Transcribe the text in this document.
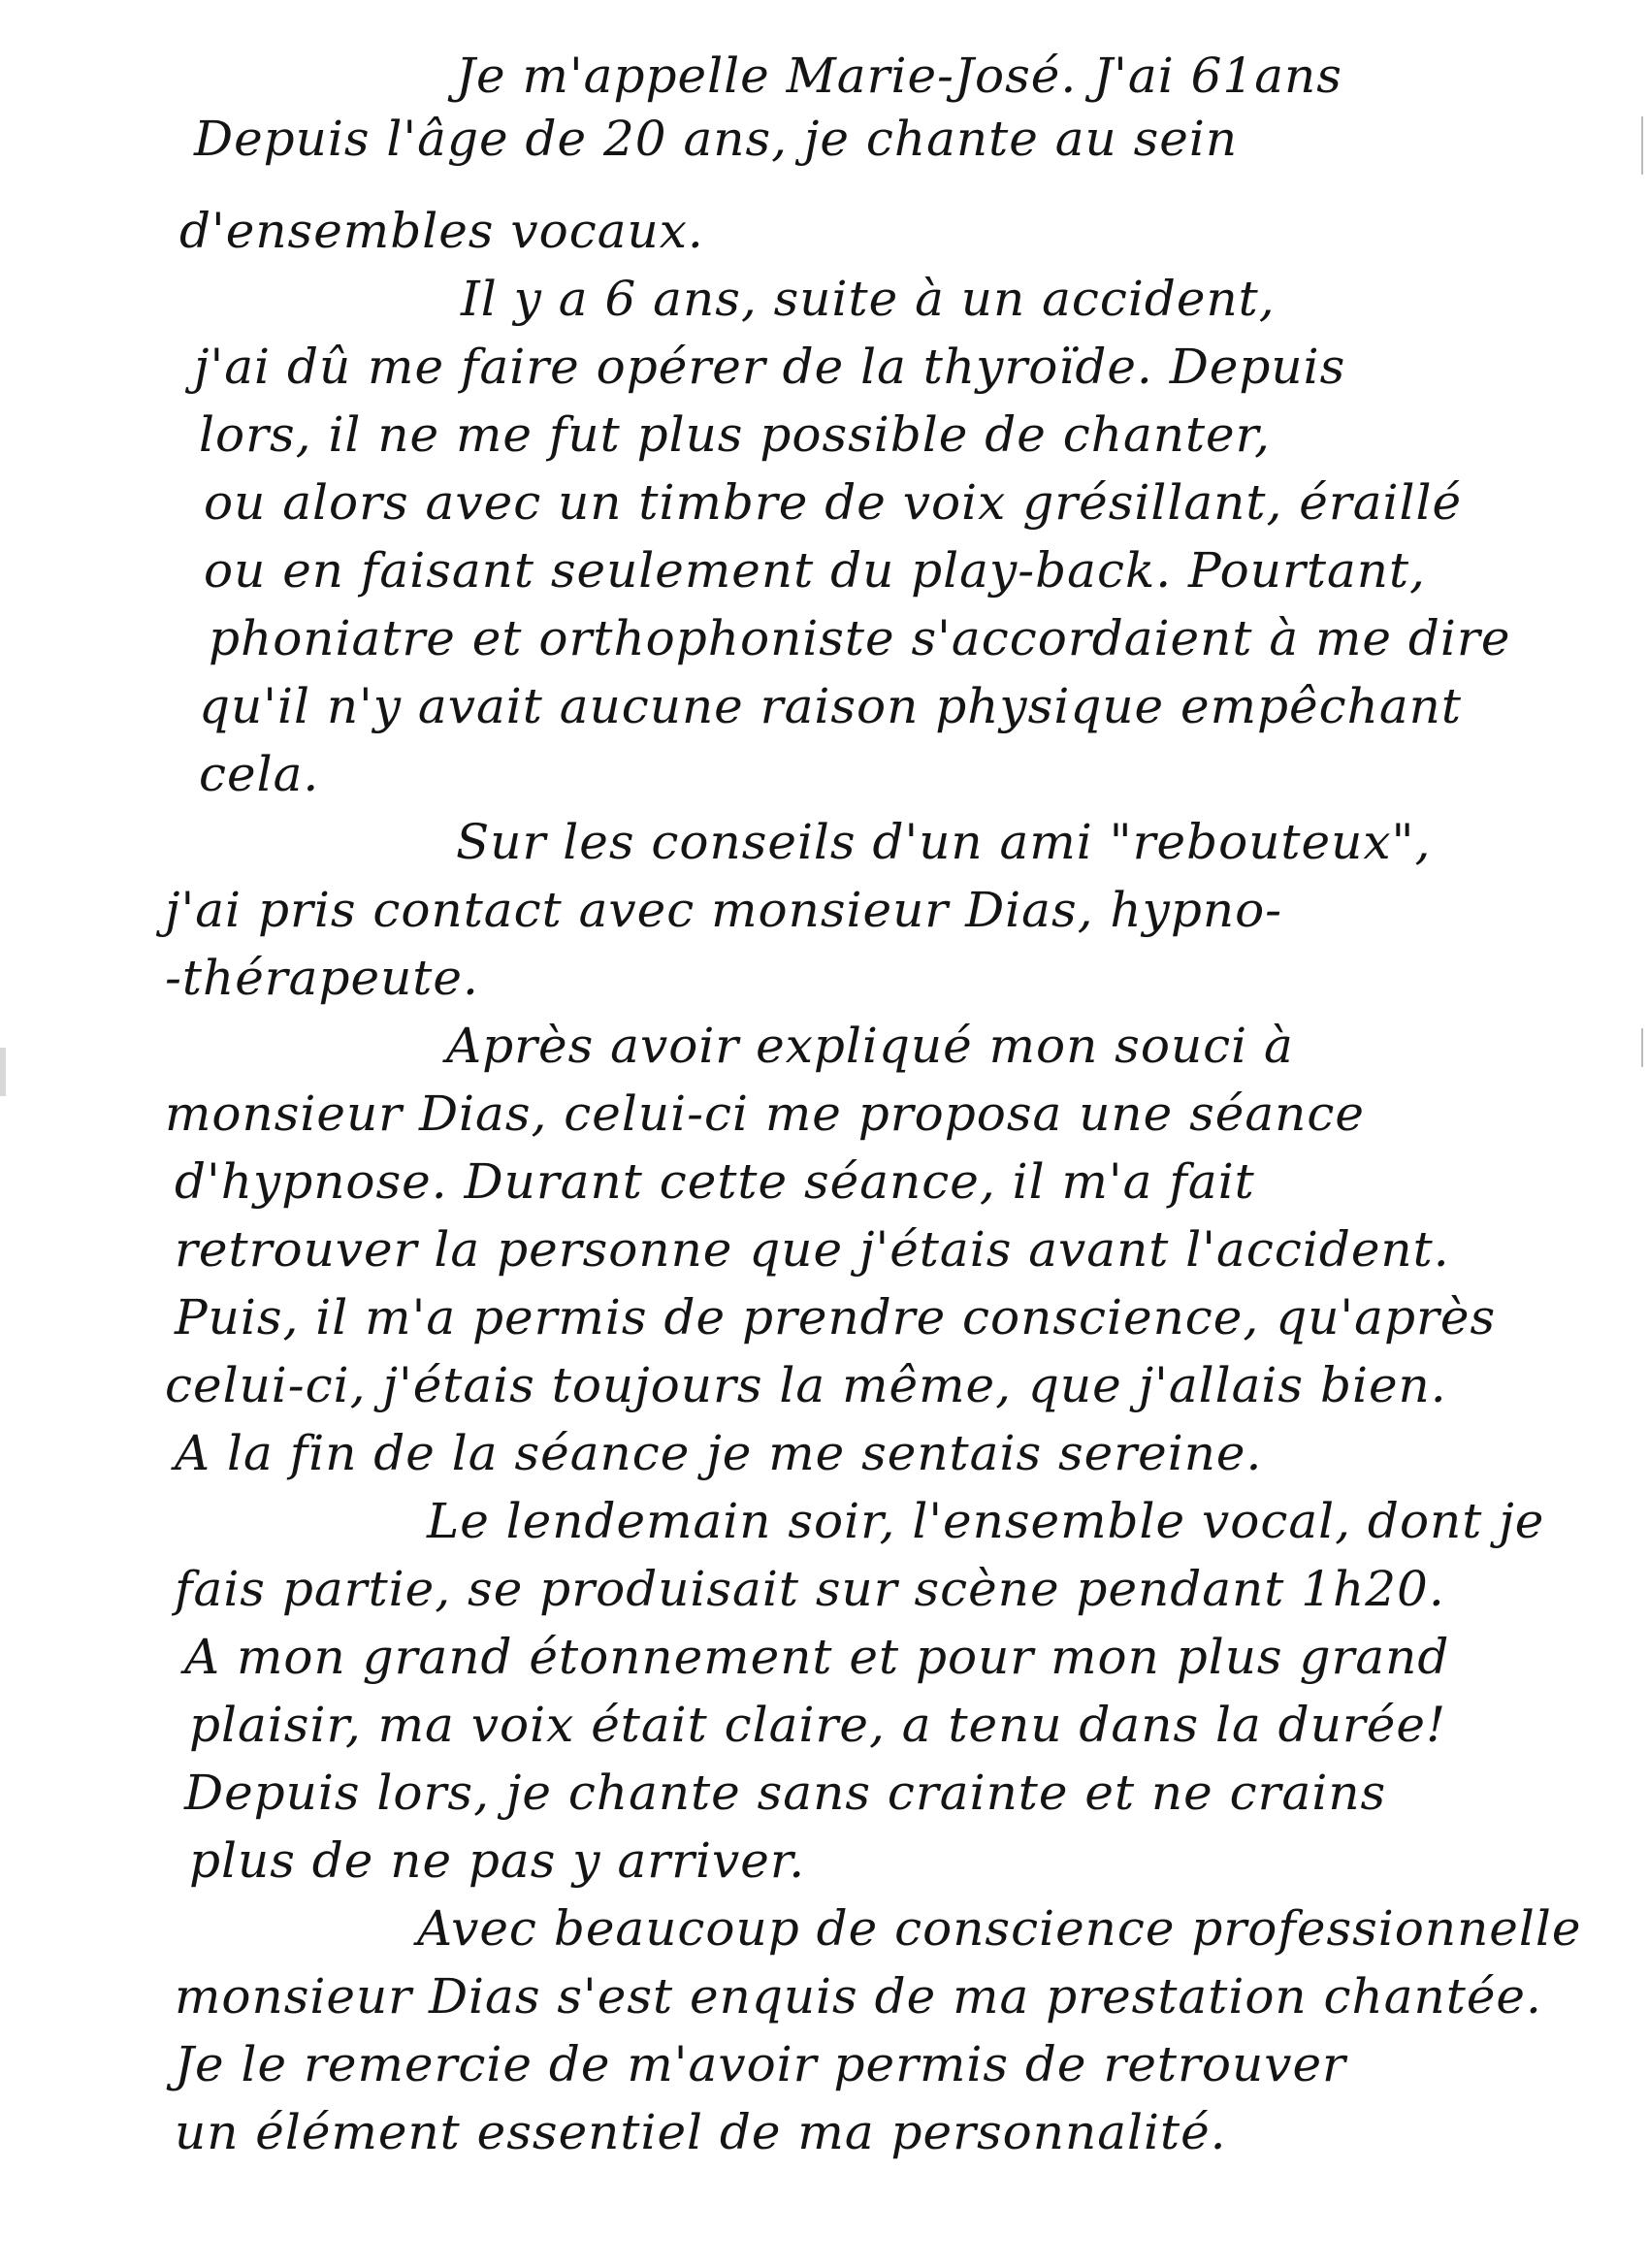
Je m'appelle Marie-José. J'ai 61ans
Depuis l'âge de 20 ans, je chante au sein
d'ensembles vocaux.
Il y a 6 ans, suite à un accident,
j'ai dû me faire opérer de la thyroïde. Depuis
lors, il ne me fut plus possible de chanter,
ou alors avec un timbre de voix grésillant, éraillé
ou en faisant seulement du play-back. Pourtant,
phoniatre et orthophoniste s'accordaient à me dire
qu'il n'y avait aucune raison physique empêchant
cela.
Sur les conseils d'un ami "rebouteux",
j'ai pris contact avec monsieur Dias, hypno-
-thérapeute.
Après avoir expliqué mon souci à
monsieur Dias, celui-ci me proposa une séance
d'hypnose. Durant cette séance, il m'a fait
retrouver la personne que j'étais avant l'accident.
Puis, il m'a permis de prendre conscience, qu'après
celui-ci, j'étais toujours la même, que j'allais bien.
A la fin de la séance je me sentais sereine.
Le lendemain soir, l'ensemble vocal, dont je
fais partie, se produisait sur scène pendant 1h20.
A mon grand étonnement et pour mon plus grand
plaisir, ma voix était claire, a tenu dans la durée!
Depuis lors, je chante sans crainte et ne crains
plus de ne pas y arriver.
Avec beaucoup de conscience professionnelle
monsieur Dias s'est enquis de ma prestation chantée.
Je le remercie de m'avoir permis de retrouver
un élément essentiel de ma personnalité.
